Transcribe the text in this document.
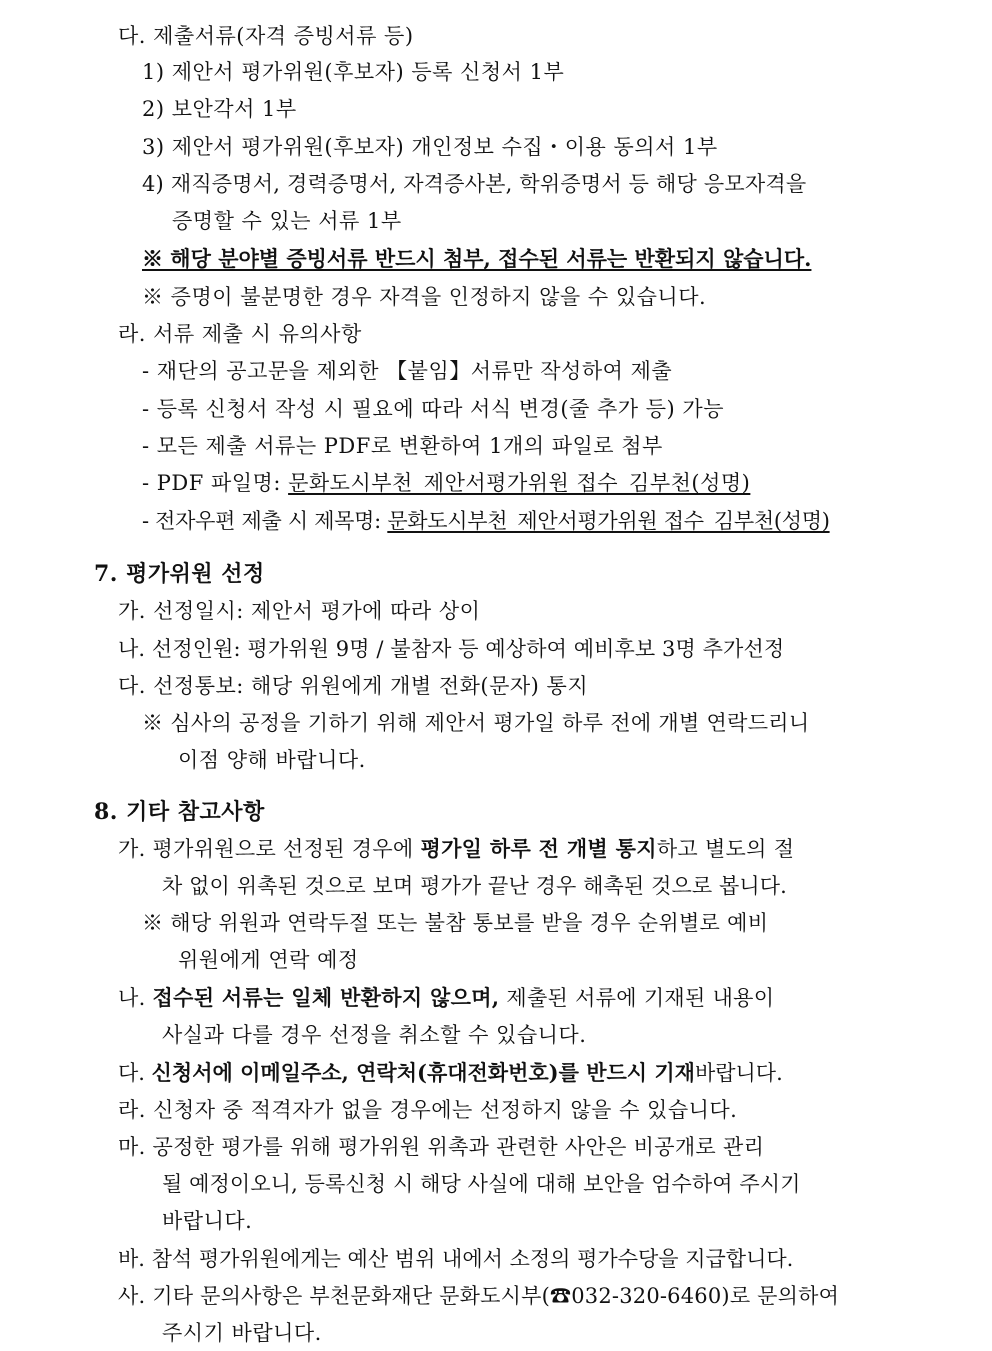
다. 제출서류(자격 증빙서류 등)
1) 제안서 평가위원(후보자) 등록 신청서 1부
2) 보안각서 1부
3) 제안서 평가위원(후보자) 개인정보 수집・이용 동의서 1부
4) 재직증명서, 경력증명서, 자격증사본, 학위증명서 등 해당 응모자격을
증명할 수 있는 서류 1부
※ 해당 분야별 증빙서류 반드시 첨부, 접수된 서류는 반환되지 않습니다.
※ 증명이 불분명한 경우 자격을 인정하지 않을 수 있습니다.
라. 서류 제출 시 유의사항
- 재단의 공고문을 제외한 【붙임】서류만 작성하여 제출
- 등록 신청서 작성 시 필요에 따라 서식 변경(줄 추가 등) 가능
- 모든 제출 서류는 PDF로 변환하여 1개의 파일로 첨부
- PDF 파일명: 문화도시부천_제안서평가위원 접수_김부천(성명)
- 전자우편 제출 시 제목명: 문화도시부천_제안서평가위원 접수_김부천(성명)
7. 평가위원 선정
가. 선정일시: 제안서 평가에 따라 상이
나. 선정인원: 평가위원 9명 / 불참자 등 예상하여 예비후보 3명 추가선정
다. 선정통보: 해당 위원에게 개별 전화(문자) 통지
※ 심사의 공정을 기하기 위해 제안서 평가일 하루 전에 개별 연락드리니
이점 양해 바랍니다.
8. 기타 참고사항
가. 평가위원으로 선정된 경우에 평가일 하루 전 개별 통지하고 별도의 절
차 없이 위촉된 것으로 보며 평가가 끝난 경우 해촉된 것으로 봅니다.
※ 해당 위원과 연락두절 또는 불참 통보를 받을 경우 순위별로 예비
위원에게 연락 예정
나. 접수된 서류는 일체 반환하지 않으며, 제출된 서류에 기재된 내용이
사실과 다를 경우 선정을 취소할 수 있습니다.
다. 신청서에 이메일주소, 연락처(휴대전화번호)를 반드시 기재바랍니다.
라. 신청자 중 적격자가 없을 경우에는 선정하지 않을 수 있습니다.
마. 공정한 평가를 위해 평가위원 위촉과 관련한 사안은 비공개로 관리
될 예정이오니, 등록신청 시 해당 사실에 대해 보안을 엄수하여 주시기
바랍니다.
바. 참석 평가위원에게는 예산 범위 내에서 소정의 평가수당을 지급합니다.
사. 기타 문의사항은 부천문화재단 문화도시부(☎032-320-6460)로 문의하여
주시기 바랍니다.
